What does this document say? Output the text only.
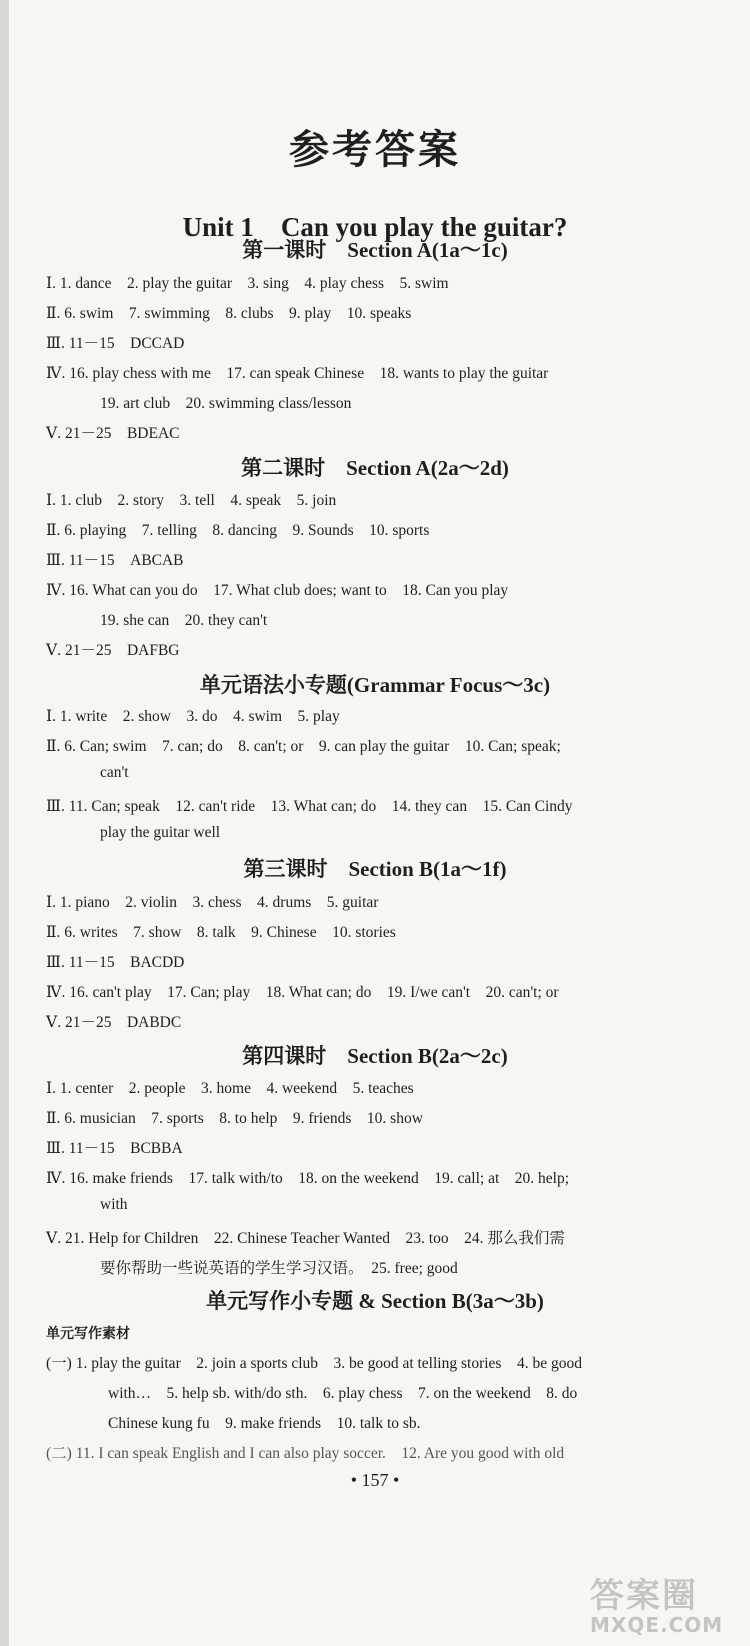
参考答案
Unit 1　Can you play the guitar?
第一课时　Section A(1a～1c)
Ⅰ. 1. dance　2. play the guitar　3. sing　4. play chess　5. swim
Ⅱ. 6. swim　7. swimming　8. clubs　9. play　10. speaks
Ⅲ. 11－15　DCCAD
Ⅳ. 16. play chess with me　17. can speak Chinese　18. wants to play the guitar
19. art club　20. swimming class/lesson
Ⅴ. 21－25　BDEAC
第二课时　Section A(2a～2d)
Ⅰ. 1. club　2. story　3. tell　4. speak　5. join
Ⅱ. 6. playing　7. telling　8. dancing　9. Sounds　10. sports
Ⅲ. 11－15　ABCAB
Ⅳ. 16. What can you do　17. What club does; want to　18. Can you play
19. she can　20. they can't
Ⅴ. 21－25　DAFBG
单元语法小专题(Grammar Focus～3c)
Ⅰ. 1. write　2. show　3. do　4. swim　5. play
Ⅱ. 6. Can; swim　7. can; do　8. can't; or　9. can play the guitar　10. Can; speak;
can't
Ⅲ. 11. Can; speak　12. can't ride　13. What can; do　14. they can　15. Can Cindy
play the guitar well
第三课时　Section B(1a～1f)
Ⅰ. 1. piano　2. violin　3. chess　4. drums　5. guitar
Ⅱ. 6. writes　7. show　8. talk　9. Chinese　10. stories
Ⅲ. 11－15　BACDD
Ⅳ. 16. can't play　17. Can; play　18. What can; do　19. I/we can't　20. can't; or
Ⅴ. 21－25　DABDC
第四课时　Section B(2a～2c)
Ⅰ. 1. center　2. people　3. home　4. weekend　5. teaches
Ⅱ. 6. musician　7. sports　8. to help　9. friends　10. show
Ⅲ. 11－15　BCBBA
Ⅳ. 16. make friends　17. talk with/to　18. on the weekend　19. call; at　20. help;
with
Ⅴ. 21. Help for Children　22. Chinese Teacher Wanted　23. too　24. 那么我们需
要你帮助一些说英语的学生学习汉语。　25. free; good
单元写作小专题 & Section B(3a～3b)
单元写作素材
(一) 1. play the guitar　2. join a sports club　3. be good at telling stories　4. be good
with…　5. help sb. with/do sth.　6. play chess　7. on the weekend　8. do
Chinese kung fu　9. make friends　10. talk to sb.
(二) 11. I can speak English and I can also play soccer.　12. Are you good with old
• 157 •
答案圈
MXQE.COM
